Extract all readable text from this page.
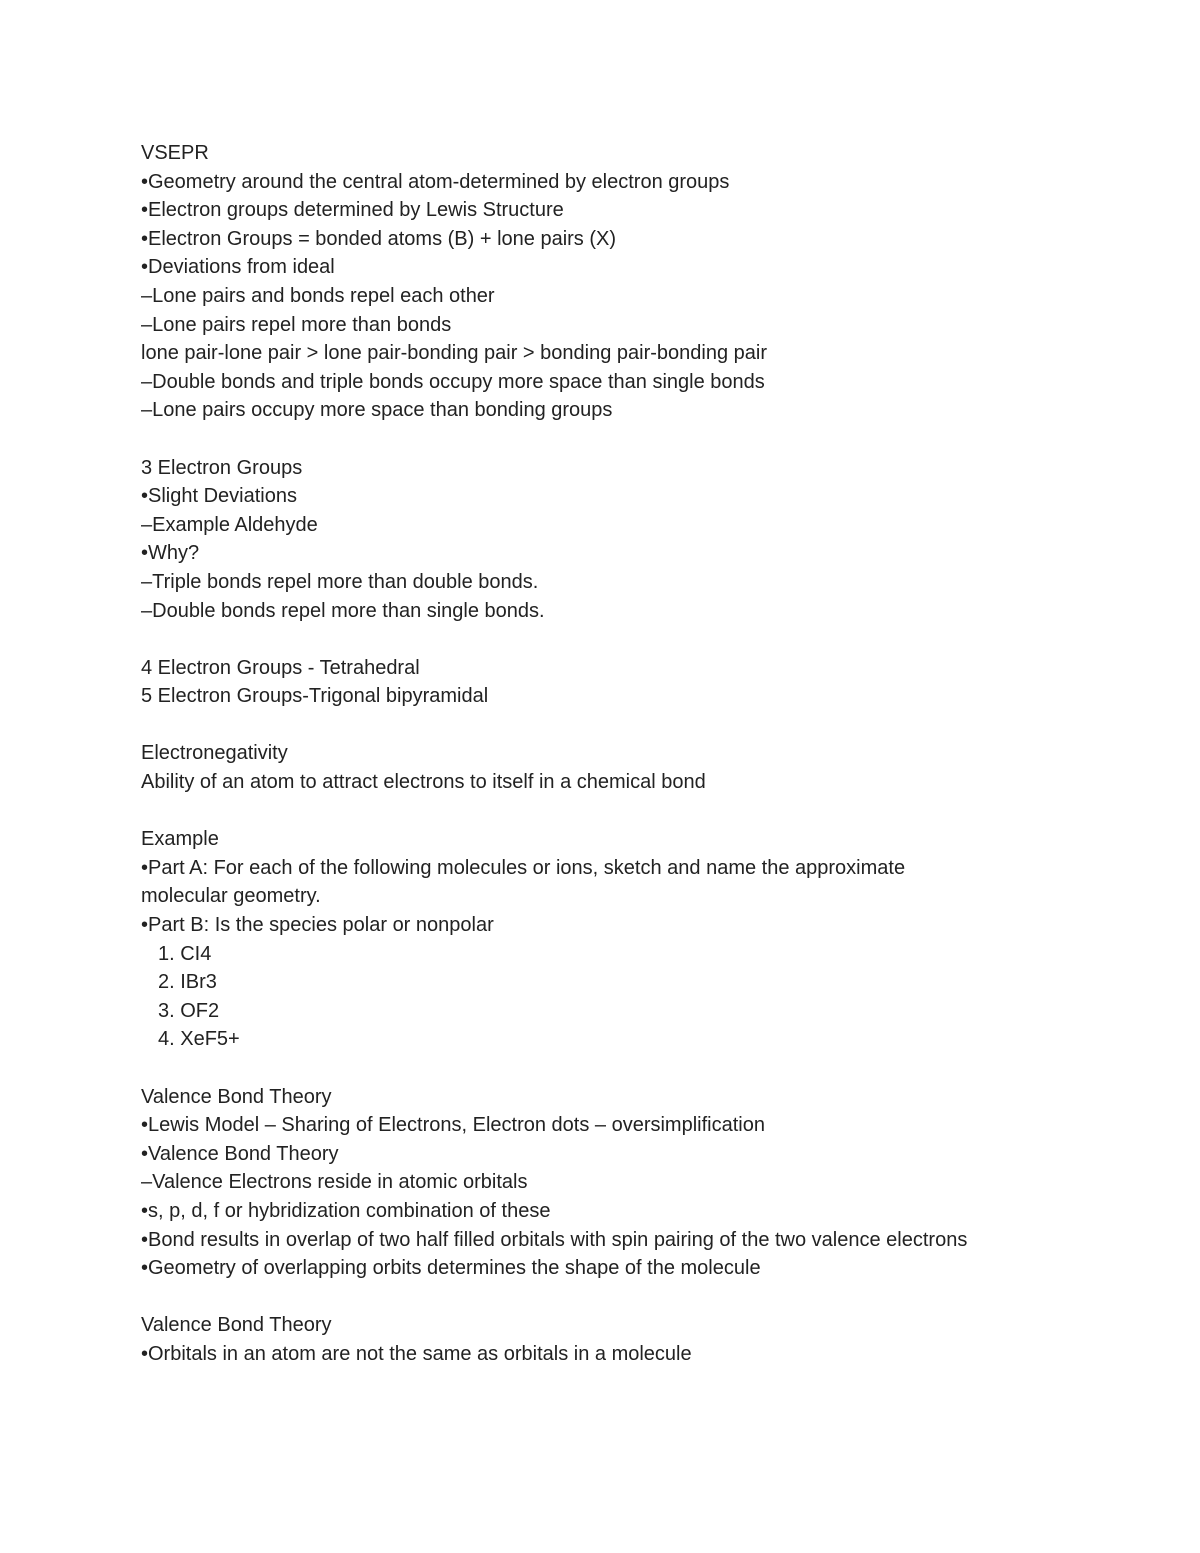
VSEPR
•Geometry around the central atom-determined by electron groups
•Electron groups determined by Lewis Structure
•Electron Groups = bonded atoms (B) + lone pairs (X)
•Deviations from ideal
–Lone pairs and bonds repel each other
–Lone pairs repel more than bonds
lone pair-lone pair > lone pair-bonding pair > bonding pair-bonding pair
–Double bonds and triple bonds occupy more space than single bonds
–Lone pairs occupy more space than bonding groups
3 Electron Groups
•Slight Deviations
–Example Aldehyde
•Why?
–Triple bonds repel more than double bonds.
–Double bonds repel more than single bonds.
4 Electron Groups - Tetrahedral
5 Electron Groups-Trigonal bipyramidal
Electronegativity
Ability of an atom to attract electrons to itself in a chemical bond
Example
•Part A: For each of the following molecules or ions, sketch and name the approximate
molecular geometry.
•Part B: Is the species polar or nonpolar
1. CI4
2. IBr3
3. OF2
4. XeF5+
Valence Bond Theory
•Lewis Model – Sharing of Electrons, Electron dots – oversimplification
•Valence Bond Theory
–Valence Electrons reside in atomic orbitals
•s, p, d, f or hybridization combination of these
•Bond results in overlap of two half filled orbitals with spin pairing of the two valence electrons
•Geometry of overlapping orbits determines the shape of the molecule
Valence Bond Theory
•Orbitals in an atom are not the same as orbitals in a molecule
